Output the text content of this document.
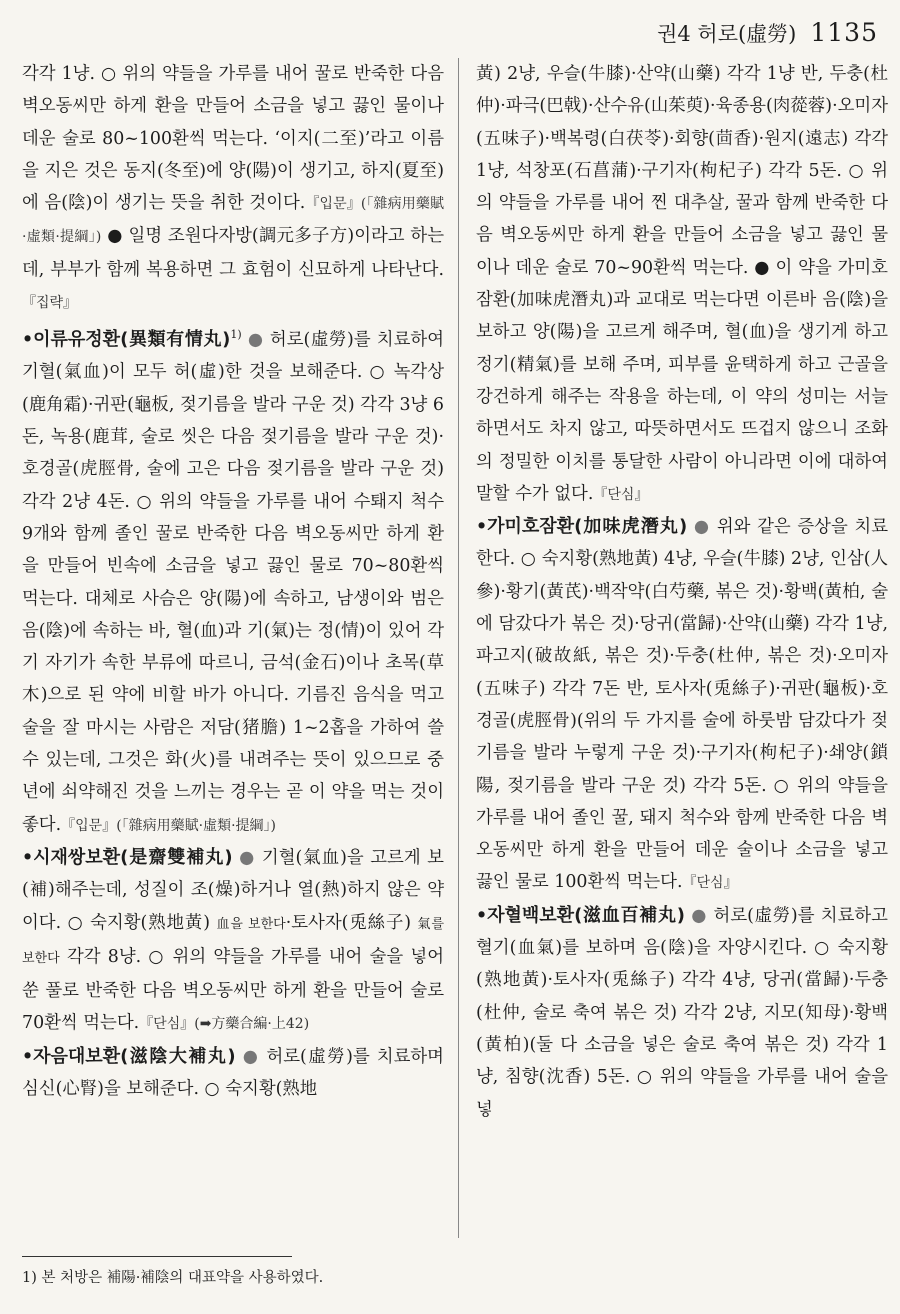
권4 허로(虛勞) 1135

각각 1냥. ○ 위의 약들을 가루를 내어 꿀로 반죽한 다음 벽오동씨만 하게 환을 만들어 소금을 넣고 끓인 물이나 데운 술로 80~100환씩 먹는다. ‘이지(二至)’라고 이름을 지은 것은 동지(冬至)에 양(陽)이 생기고, 하지(夏至)에 음(陰)이 생기는 뜻을 취한 것이다.『입문』(「雜病用藥賦·虛類·提綱」) ● 일명 조원다자방(調元多子方)이라고 하는데, 부부가 함께 복용하면 그 효험이 신묘하게 나타난다.『집략』

•이류유정환(異類有情丸)$^{1)}$ ● 허로(虛勞)를 치료하여 기혈(氣血)이 모두 허(虛)한 것을 보해준다. ○ 녹각상(鹿角霜)·귀판(龜板, 젖기름을 발라 구운 것) 각각 3냥 6돈, 녹용(鹿茸, 술로 씻은 다음 젖기름을 발라 구운 것)·호경골(虎脛骨, 술에 고은 다음 젖기름을 발라 구운 것) 각각 2냥 4돈. ○ 위의 약들을 가루를 내어 수퇘지 척수 9개와 함께 졸인 꿀로 반죽한 다음 벽오동씨만 하게 환을 만들어 빈속에 소금을 넣고 끓인 물로 70~80환씩 먹는다. 대체로 사슴은 양(陽)에 속하고, 남생이와 범은 음(陰)에 속하는 바, 혈(血)과 기(氣)는 정(情)이 있어 각기 자기가 속한 부류에 따르니, 금석(金石)이나 초목(草木)으로 된 약에 비할 바가 아니다. 기름진 음식을 먹고 술을 잘 마시는 사람은 저담(猪膽) 1~2홉을 가하여 쓸 수 있는데, 그것은 화(火)를 내려주는 뜻이 있으므로 중년에 쇠약해진 것을 느끼는 경우는 곧 이 약을 먹는 것이 좋다.『입문』(「雜病用藥賦·虛類·提綱」)

•시재쌍보환(是齋雙補丸) ● 기혈(氣血)을 고르게 보(補)해주는데, 성질이 조(燥)하거나 열(熱)하지 않은 약이다. ○ 숙지황(熟地黃) 血을 보한다·토사자(兎絲子) 氣를 보한다 각각 8냥. ○ 위의 약들을 가루를 내어 술을 넣어 쑨 풀로 반죽한 다음 벽오동씨만 하게 환을 만들어 술로 70환씩 먹는다.『단심』(➡方藥合編·上42)

•자음대보환(滋陰大補丸) ● 허로(虛勞)를 치료하며 심신(心腎)을 보해준다. ○ 숙지황(熟地

黃) 2냥, 우슬(牛膝)·산약(山藥) 각각 1냥 반, 두충(杜仲)·파극(巴戟)·산수유(山茱萸)·육종용(肉蓯蓉)·오미자(五味子)·백복령(白茯苓)·회향(茴香)·원지(遠志) 각각 1냥, 석창포(石菖蒲)·구기자(枸杞子) 각각 5돈. ○ 위의 약들을 가루를 내어 찐 대추살, 꿀과 함께 반죽한 다음 벽오동씨만 하게 환을 만들어 소금을 넣고 끓인 물이나 데운 술로 70~90환씩 먹는다. ● 이 약을 가미호잠환(加味虎潛丸)과 교대로 먹는다면 이른바 음(陰)을 보하고 양(陽)을 고르게 해주며, 혈(血)을 생기게 하고 정기(精氣)를 보해 주며, 피부를 윤택하게 하고 근골을 강건하게 해주는 작용을 하는데, 이 약의 성미는 서늘하면서도 차지 않고, 따뜻하면서도 뜨겁지 않으니 조화의 정밀한 이치를 통달한 사람이 아니라면 이에 대하여 말할 수가 없다.『단심』

•가미호잠환(加味虎潛丸) ● 위와 같은 증상을 치료한다. ○ 숙지황(熟地黃) 4냥, 우슬(牛膝) 2냥, 인삼(人參)·황기(黃芪)·백작약(白芍藥, 볶은 것)·황백(黃柏, 술에 담갔다가 볶은 것)·당귀(當歸)·산약(山藥) 각각 1냥, 파고지(破故紙, 볶은 것)·두충(杜仲, 볶은 것)·오미자(五味子) 각각 7돈 반, 토사자(兎絲子)·귀판(龜板)·호경골(虎脛骨)(위의 두 가지를 술에 하룻밤 담갔다가 젖기름을 발라 누렇게 구운 것)·구기자(枸杞子)·쇄양(鎖陽, 젖기름을 발라 구운 것) 각각 5돈. ○ 위의 약들을 가루를 내어 졸인 꿀, 돼지 척수와 함께 반죽한 다음 벽오동씨만 하게 환을 만들어 데운 술이나 소금을 넣고 끓인 물로 100환씩 먹는다.『단심』

•자혈백보환(滋血百補丸) ● 허로(虛勞)를 치료하고 혈기(血氣)를 보하며 음(陰)을 자양시킨다. ○ 숙지황(熟地黃)·토사자(兎絲子) 각각 4냥, 당귀(當歸)·두충(杜仲, 술로 축여 볶은 것) 각각 2냥, 지모(知母)·황백(黃柏)(둘 다 소금을 넣은 술로 축여 볶은 것) 각각 1냥, 침향(沈香) 5돈. ○ 위의 약들을 가루를 내어 술을 넣

1) 본 처방은 補陽·補陰의 대표약을 사용하였다.
